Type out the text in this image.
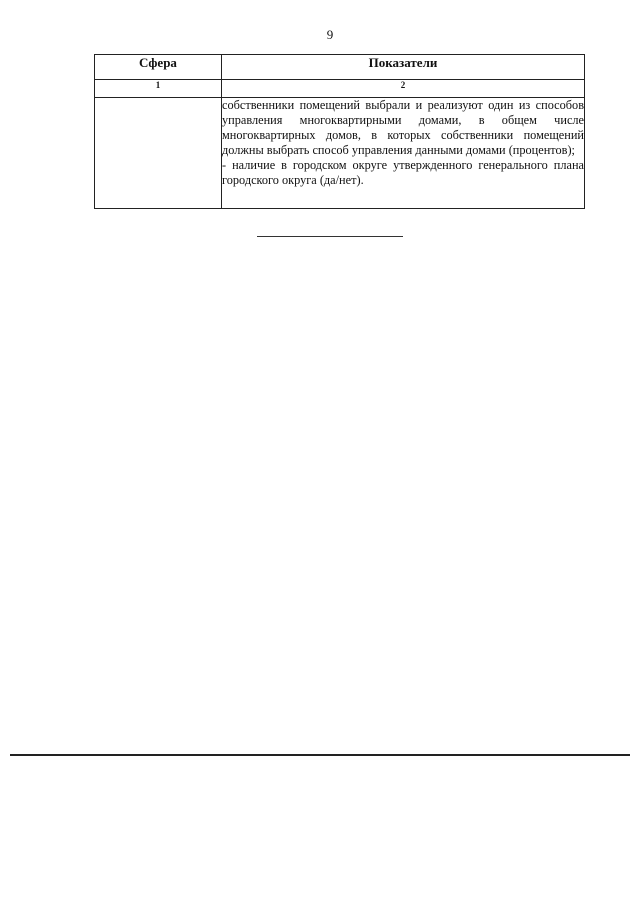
9
Сфера	Показатели
1	2

	собственники помещений выбрали и реализуют один из способов управления многоквартирными домами, в общем числе многоквартирных домов, в которых собственники помещений должны выбрать способ управления данными домами (процентов);

- наличие в городском округе утвержденного генерального плана городского округа (да/нет).
